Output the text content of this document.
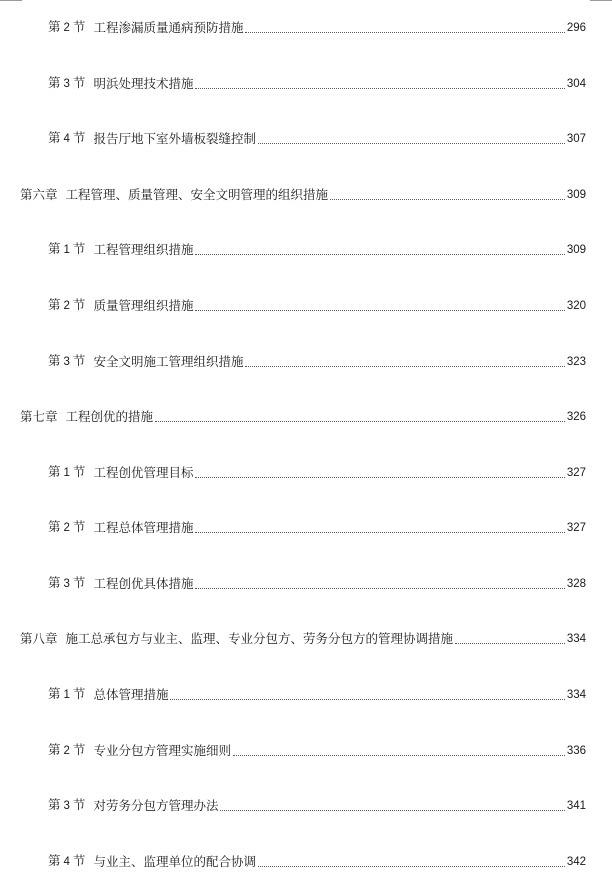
第 2 节 工程渗漏质量通病预防措施	296
第 3 节 明浜处理技术措施	304
第 4 节 报告厅地下室外墙板裂缝控制	307
第六章 工程管理、质量管理、安全文明管理的组织措施	309
第 1 节 工程管理组织措施	309
第 2 节 质量管理组织措施	320
第 3 节 安全文明施工管理组织措施	323
第七章 工程创优的措施	326
第 1 节 工程创优管理目标	327
第 2 节 工程总体管理措施	327
第 3 节 工程创优具体措施	328
第八章 施工总承包方与业主、监理、专业分包方、劳务分包方的管理协调措施	334
第 1 节 总体管理措施	334
第 2 节 专业分包方管理实施细则	336
第 3 节 对劳务分包方管理办法	341
第 4 节 与业主、监理单位的配合协调	342
